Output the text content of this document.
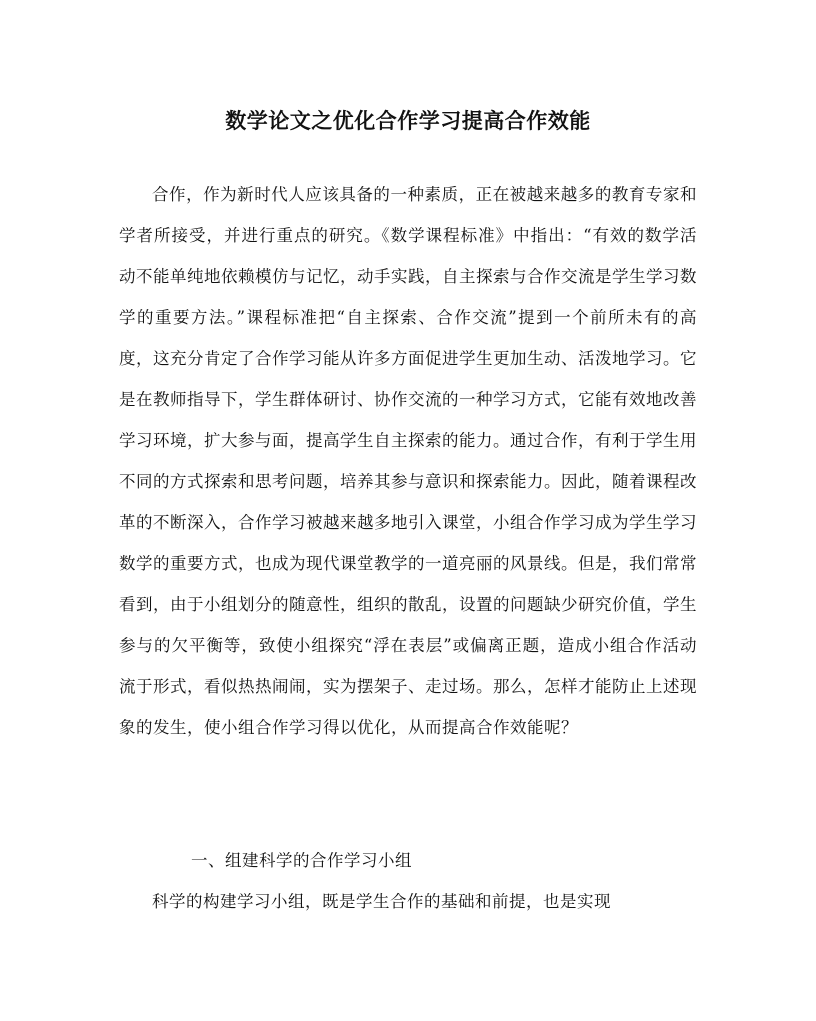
数学论文之优化合作学习提高合作效能

合作，作为新时代人应该具备的一种素质，正在被越来越多的教育专家和学者所接受，并进行重点的研究。《数学课程标准》中指出：“有效的数学活动不能单纯地依赖模仿与记忆，动手实践，自主探索与合作交流是学生学习数学的重要方法。”课程标准把“自主探索、合作交流”提到一个前所未有的高度，这充分肯定了合作学习能从许多方面促进学生更加生动、活泼地学习。它是在教师指导下，学生群体研讨、协作交流的一种学习方式，它能有效地改善学习环境，扩大参与面，提高学生自主探索的能力。通过合作，有利于学生用不同的方式探索和思考问题，培养其参与意识和探索能力。因此，随着课程改革的不断深入，合作学习被越来越多地引入课堂，小组合作学习成为学生学习数学的重要方式，也成为现代课堂教学的一道亮丽的风景线。但是，我们常常看到，由于小组划分的随意性，组织的散乱，设置的问题缺少研究价值，学生参与的欠平衡等，致使小组探究“浮在表层”或偏离正题，造成小组合作活动流于形式，看似热热闹闹，实为摆架子、走过场。那么，怎样才能防止上述现象的发生，使小组合作学习得以优化，从而提高合作效能呢？

一、组建科学的合作学习小组

科学的构建学习小组，既是学生合作的基础和前提，也是实现
